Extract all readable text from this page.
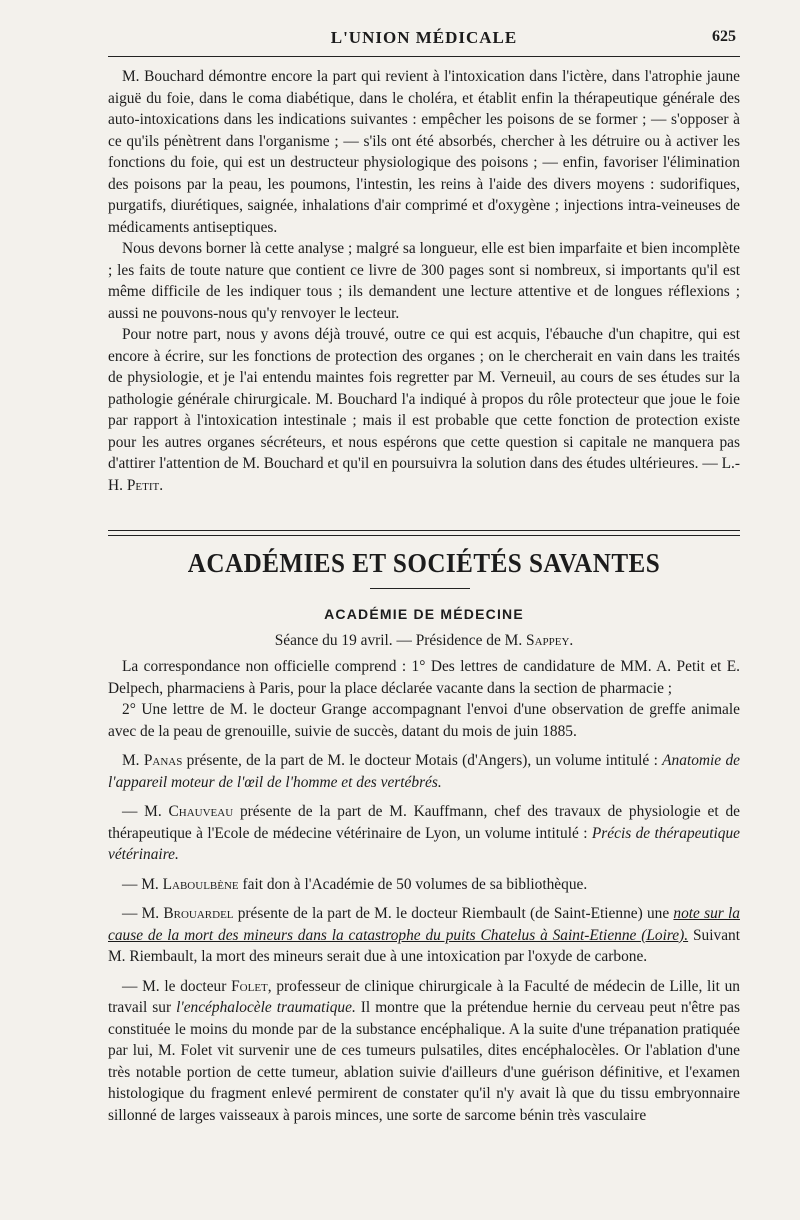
L'UNION MÉDICALE	625

M. Bouchard démontre encore la part qui revient à l'intoxication dans l'ictère, dans l'atrophie jaune aiguë du foie, dans le coma diabétique, dans le choléra, et établit enfin la thérapeutique générale des auto-intoxications dans les indications suivantes : empêcher les poisons de se former ; — s'opposer à ce qu'ils pénètrent dans l'organisme ; — s'ils ont été absorbés, chercher à les détruire ou à activer les fonctions du foie, qui est un destructeur physiologique des poisons ; — enfin, favoriser l'élimination des poisons par la peau, les poumons, l'intestin, les reins à l'aide des divers moyens : sudorifiques, purgatifs, diurétiques, saignée, inhalations d'air comprimé et d'oxygène ; injections intra-veineuses de médicaments antiseptiques.

Nous devons borner là cette analyse ; malgré sa longueur, elle est bien imparfaite et bien incomplète ; les faits de toute nature que contient ce livre de 300 pages sont si nombreux, si importants qu'il est même difficile de les indiquer tous ; ils demandent une lecture attentive et de longues réflexions ; aussi ne pouvons-nous qu'y renvoyer le lecteur.

Pour notre part, nous y avons déjà trouvé, outre ce qui est acquis, l'ébauche d'un chapitre, qui est encore à écrire, sur les fonctions de protection des organes ; on le chercherait en vain dans les traités de physiologie, et je l'ai entendu maintes fois regretter par M. Verneuil, au cours de ses études sur la pathologie générale chirurgicale. M. Bouchard l'a indiqué à propos du rôle protecteur que joue le foie par rapport à l'intoxication intestinale ; mais il est probable que cette fonction de protection existe pour les autres organes sécréteurs, et nous espérons que cette question si capitale ne manquera pas d'attirer l'attention de M. Bouchard et qu'il en poursuivra la solution dans des études ultérieures. — L.-H. Petit.

ACADÉMIES ET SOCIÉTÉS SAVANTES
ACADÉMIE DE MÉDECINE
Séance du 19 avril. — Présidence de M. Sappey.

La correspondance non officielle comprend : 1° Des lettres de candidature de MM. A. Petit et E. Delpech, pharmaciens à Paris, pour la place déclarée vacante dans la section de pharmacie ;

2° Une lettre de M. le docteur Grange accompagnant l'envoi d'une observation de greffe animale avec de la peau de grenouille, suivie de succès, datant du mois de juin 1885.

M. Panas présente, de la part de M. le docteur Motais (d'Angers), un volume intitulé : Anatomie de l'appareil moteur de l'œil de l'homme et des vertébrés.

— M. Chauveau présente de la part de M. Kauffmann, chef des travaux de physiologie et de thérapeutique à l'Ecole de médecine vétérinaire de Lyon, un volume intitulé : Précis de thérapeutique vétérinaire.

— M. Laboulbène fait don à l'Académie de 50 volumes de sa bibliothèque.

— M. Brouardel présente de la part de M. le docteur Riembault (de Saint-Etienne) une note sur la cause de la mort des mineurs dans la catastrophe du puits Chatelus à Saint-Etienne (Loire). Suivant M. Riembault, la mort des mineurs serait due à une intoxication par l'oxyde de carbone.

— M. le docteur Folet, professeur de clinique chirurgicale à la Faculté de médecin de Lille, lit un travail sur l'encéphalocèle traumatique. Il montre que la prétendue hernie du cerveau peut n'être pas constituée le moins du monde par de la substance encéphalique. A la suite d'une trépanation pratiquée par lui, M. Folet vit survenir une de ces tumeurs pulsatiles, dites encéphalocèles. Or l'ablation d'une très notable portion de cette tumeur, ablation suivie d'ailleurs d'une guérison définitive, et l'examen histologique du fragment enlevé permirent de constater qu'il n'y avait là que du tissu embryonnaire sillonné de larges vaisseaux à parois minces, une sorte de sarcome bénin très vasculaire
